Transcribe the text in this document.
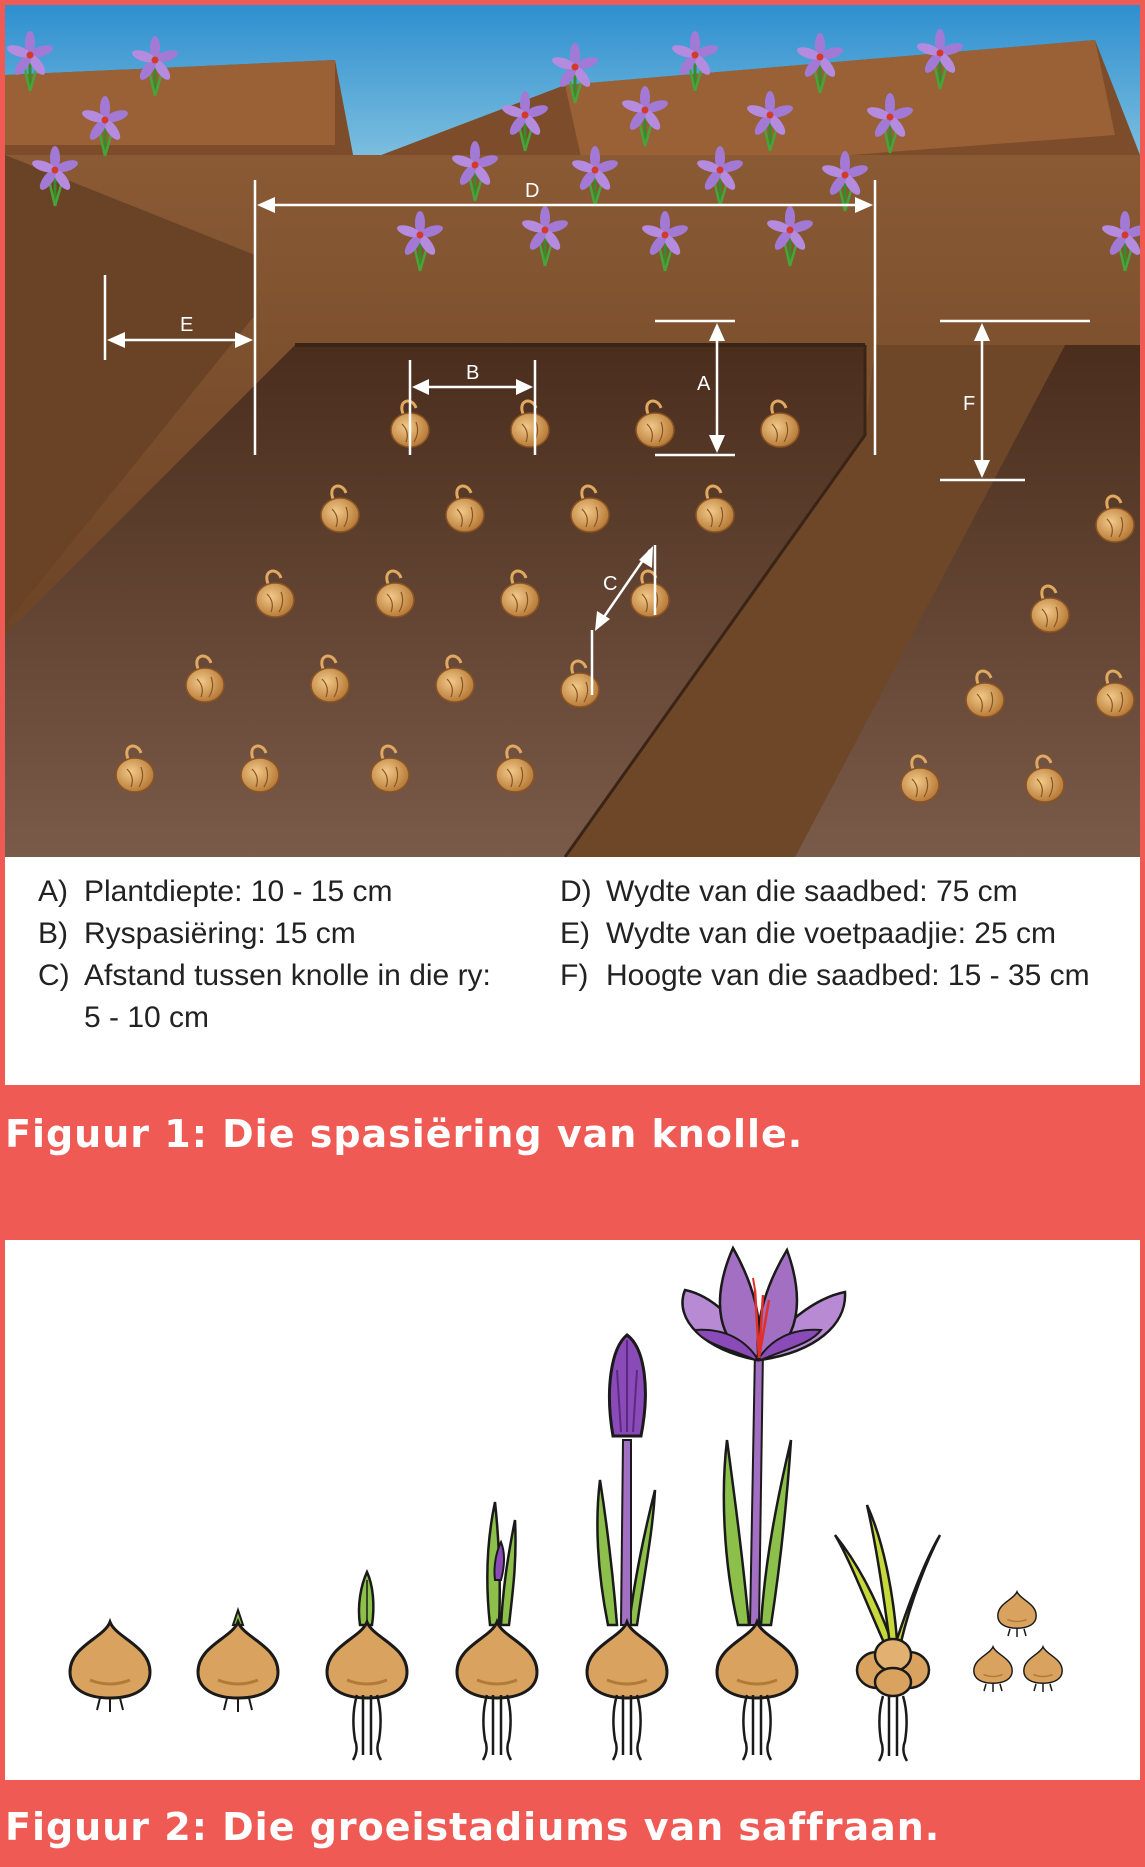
D
E
B	A
F
C
A) Plantdiepte: 10 - 15 cm
B) Ryspasiëring: 15 cm
C) Afstand tussen knolle in die ry:
5 - 10 cm
D) Wydte van die saadbed: 75 cm
E) Wydte van die voetpaadjie: 25 cm
F) Hoogte van die saadbed: 15 - 35 cm
Figuur 1: Die spasiëring van knolle.
Figuur 2: Die groeistadiums van saffraan.
